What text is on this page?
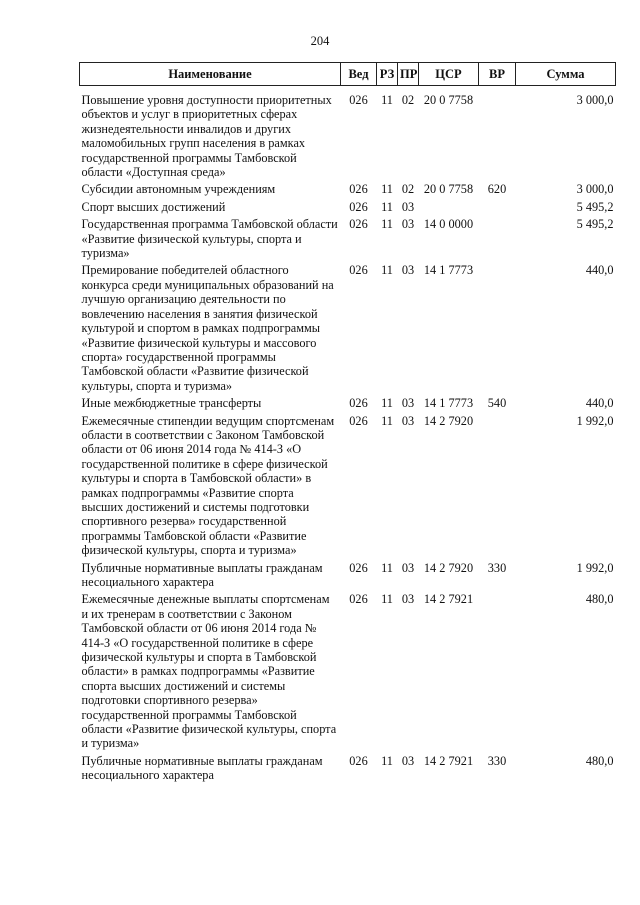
204
Наименование	Вед	РЗ	ПР	ЦСР	ВР	Сумма

Повышение уровня доступности приоритетных объектов и услуг в приоритетных сферах жизнедеятельности инвалидов и других маломобильных групп населения в рамках государственной программы Тамбовской области «Доступная среда»	026	11	02	20 0 7758		3 000,0
Субсидии автономным учреждениям	026	11	02	20 0 7758	620	3 000,0
Спорт высших достижений	026	11	03			5 495,2
Государственная программа Тамбовской области «Развитие физической культуры, спорта и туризма»	026	11	03	14 0 0000		5 495,2
Премирование победителей областного конкурса среди муниципальных образований на лучшую организацию деятельности по вовлечению населения в занятия физической культурой и спортом в рамках подпрограммы «Развитие физической культуры и массового спорта» государственной программы Тамбовской области «Развитие физической культуры, спорта и туризма»	026	11	03	14 1 7773		440,0
Иные межбюджетные трансферты	026	11	03	14 1 7773	540	440,0
Ежемесячные стипендии ведущим спортсменам области в соответствии с Законом Тамбовской области от 06 июня 2014 года № 414-З «О государственной политике в сфере физической культуры и спорта в Тамбовской области» в рамках подпрограммы «Развитие спорта высших достижений и системы подготовки спортивного резерва» государственной программы Тамбовской области «Развитие физической культуры, спорта и туризма»	026	11	03	14 2 7920		1 992,0
Публичные нормативные выплаты гражданам несоциального характера	026	11	03	14 2 7920	330	1 992,0
Ежемесячные денежные выплаты спортсменам и их тренерам в соответствии с Законом Тамбовской области от 06 июня 2014 года № 414-З «О государственной политике в сфере физической культуры и спорта в Тамбовской области» в рамках подпрограммы «Развитие спорта высших достижений и системы подготовки спортивного резерва» государственной программы Тамбовской области «Развитие физической культуры, спорта и туризма»	026	11	03	14 2 7921		480,0
Публичные нормативные выплаты гражданам несоциального характера	026	11	03	14 2 7921	330	480,0
